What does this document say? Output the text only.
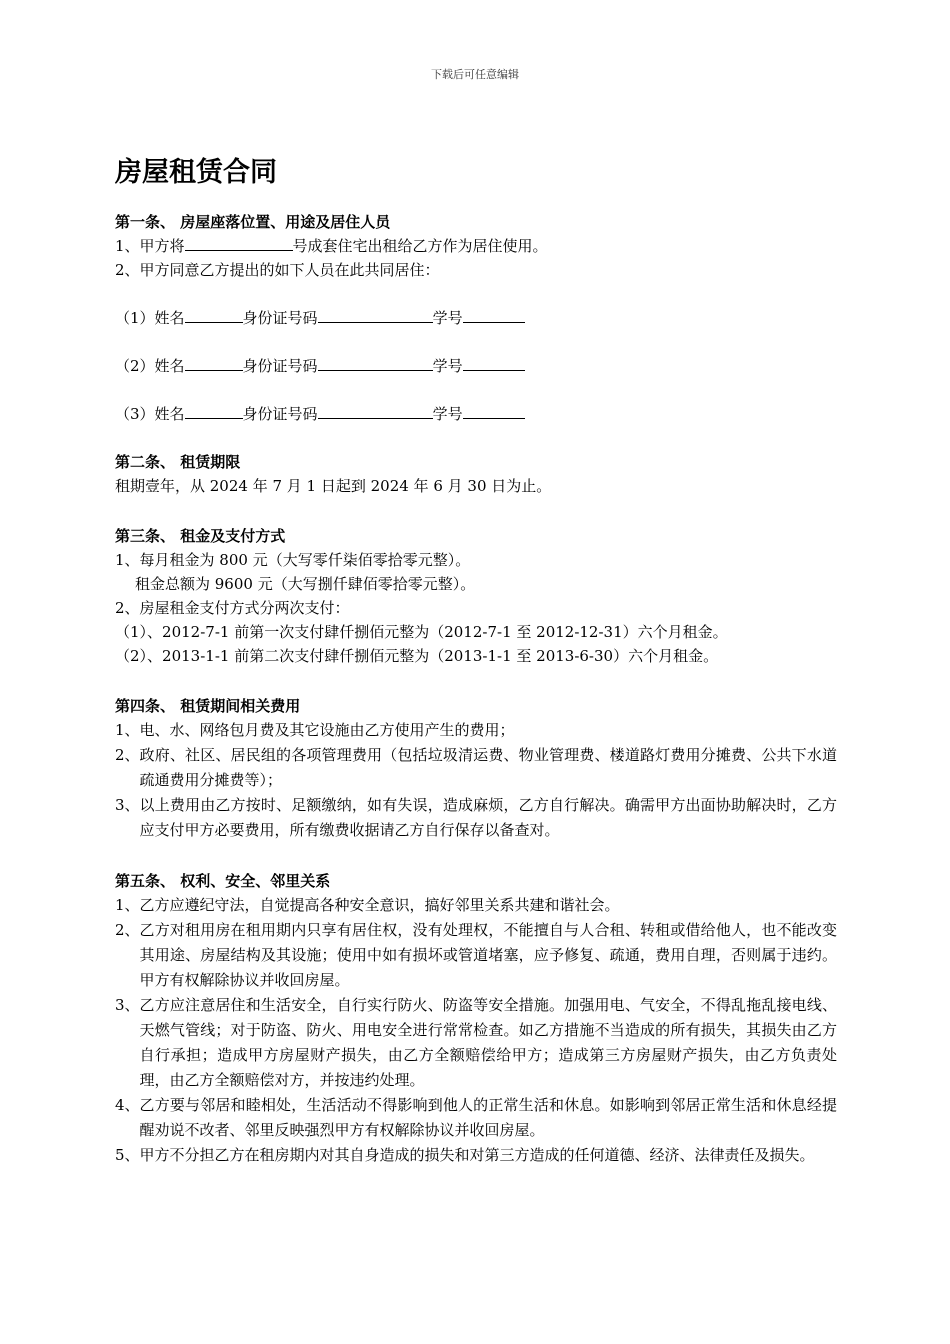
下载后可任意编辑
房屋租赁合同
第一条、 房屋座落位置、用途及居住人员

1、甲方将	号成套住宅出租给乙方作为居住使用。

2、甲方同意乙方提出的如下人员在此共同居住：

（1）姓名	身份证号码	学号

（2）姓名	身份证号码	学号

（3）姓名	身份证号码	学号

第二条、 租赁期限

租期壹年，从 2024 年 7 月 1 日起到 2024 年 6 月 30 日为止。

第三条、 租金及支付方式

1、每月租金为 800 元（大写零仟柒佰零拾零元整）。

租金总额为 9600 元（大写捌仟肆佰零拾零元整）。

2、房屋租金支付方式分两次支付：

（1）、2012-7-1 前第一次支付肆仟捌佰元整为（2012-7-1 至 2012-12-31）六个月租金。

（2）、2013-1-1 前第二次支付肆仟捌佰元整为（2013-1-1 至 2013-6-30）六个月租金。

第四条、 租赁期间相关费用
1、 电、水、网络包月费及其它设施由乙方使用产生的费用；
2、 政府、社区、居民组的各项管理费用（包括垃圾清运费、物业管理费、楼道路灯费用分摊费、公共下水道疏通费用分摊费等）；
3、 以上费用由乙方按时、足额缴纳，如有失误，造成麻烦，乙方自行解决。确需甲方出面协助解决时，乙方应支付甲方必要费用，所有缴费收据请乙方自行保存以备查对。
第五条、 权利、安全、邻里关系
1、 乙方应遵纪守法，自觉提高各种安全意识，搞好邻里关系共建和谐社会。
2、 乙方对租用房在租用期内只享有居住权，没有处理权，不能擅自与人合租、转租或借给他人，也不能改变其用途、房屋结构及其设施；使用中如有损坏或管道堵塞，应予修复、疏通，费用自理，否则属于违约。甲方有权解除协议并收回房屋。
3、 乙方应注意居住和生活安全，自行实行防火、防盗等安全措施。加强用电、气安全，不得乱拖乱接电线、天燃气管线；对于防盗、防火、用电安全进行常常检查。如乙方措施不当造成的所有损失，其损失由乙方自行承担；造成甲方房屋财产损失，由乙方全额赔偿给甲方；造成第三方房屋财产损失，由乙方负责处理，由乙方全额赔偿对方，并按违约处理。
4、 乙方要与邻居和睦相处，生活活动不得影响到他人的正常生活和休息。如影响到邻居正常生活和休息经提醒劝说不改者、邻里反映强烈甲方有权解除协议并收回房屋。
5、 甲方不分担乙方在租房期内对其自身造成的损失和对第三方造成的任何道德、经济、法律责任及损失。
